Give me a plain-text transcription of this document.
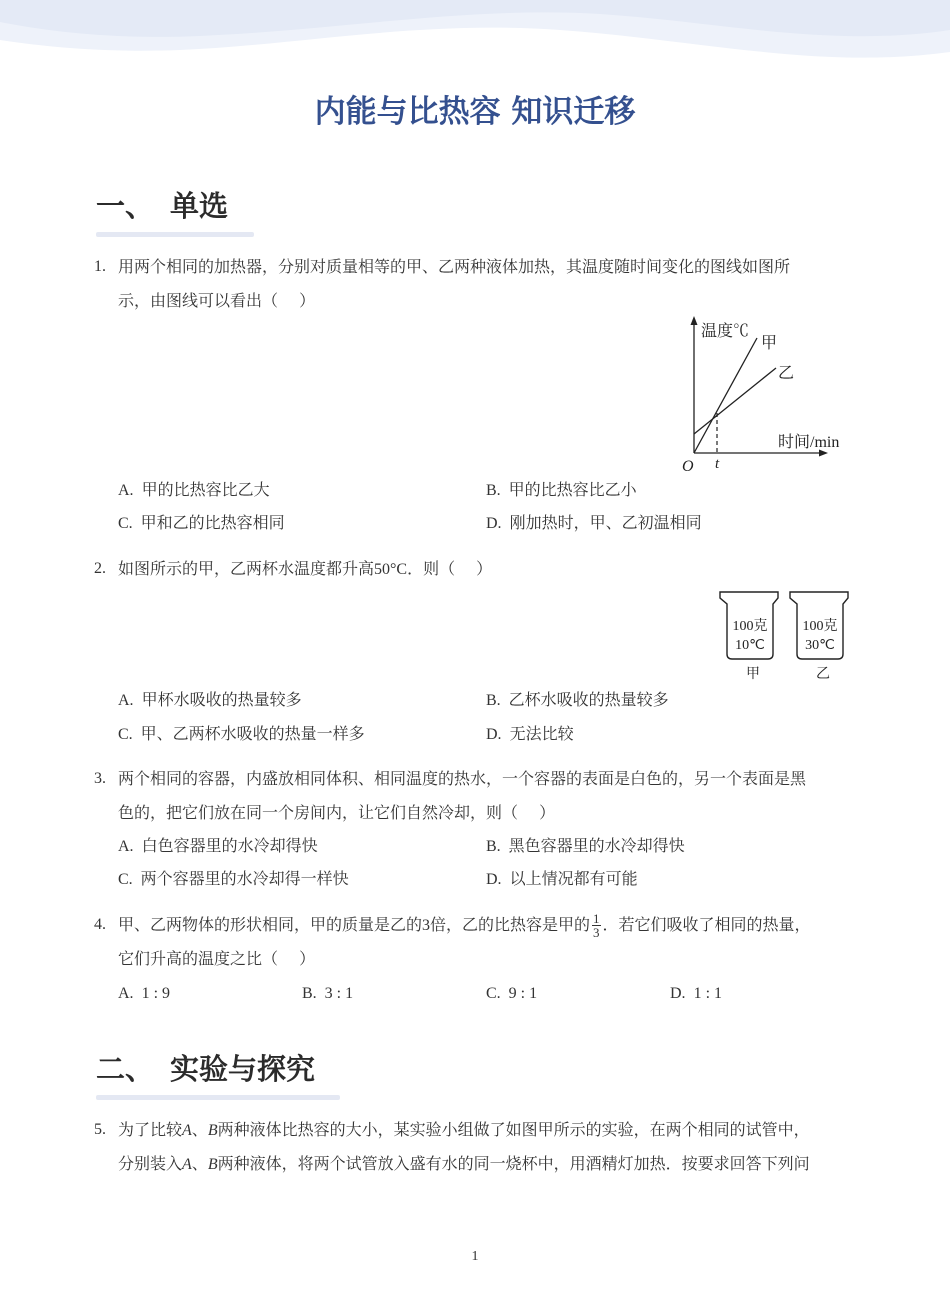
内能与比热容 知识迁移
一、 单选
1. 用两个相同的加热器，分别对质量相等的甲、乙两种液体加热，其温度随时间变化的图线如图所
示，由图线可以看出（　 ）
温度℃
甲
乙
时间/min
O t
A. 甲的比热容比乙大	B. 甲的比热容比乙小
C. 甲和乙的比热容相同	D. 刚加热时，甲、乙初温相同
2. 如图所示的甲，乙两杯水温度都升高50°C．则（　 ）
100克
10℃
甲
100克
30℃
乙
A. 甲杯水吸收的热量较多	B. 乙杯水吸收的热量较多
C. 甲、乙两杯水吸收的热量一样多	D. 无法比较
3. 两个相同的容器，内盛放相同体积、相同温度的热水，一个容器的表面是白色的，另一个表面是黑
色的，把它们放在同一个房间内，让它们自然冷却，则（　 ）
A. 白色容器里的水冷却得快	B. 黑色容器里的水冷却得快
C. 两个容器里的水冷却得一样快	D. 以上情况都有可能
4. 甲、乙两物体的形状相同，甲的质量是乙的3倍，乙的比热容是甲的 $\frac{1}{3}$ ．若它们吸收了相同的热量，
它们升高的温度之比（　 ）
A. 1 : 9	B. 3 : 1	C. 9 : 1	D. 1 : 1
二、 实验与探究
5. 为了比较A、B两种液体比热容的大小，某实验小组做了如图甲所示的实验，在两个相同的试管中，
分别装入A、B两种液体，将两个试管放入盛有水的同一烧杯中，用酒精灯加热．按要求回答下列问
1
